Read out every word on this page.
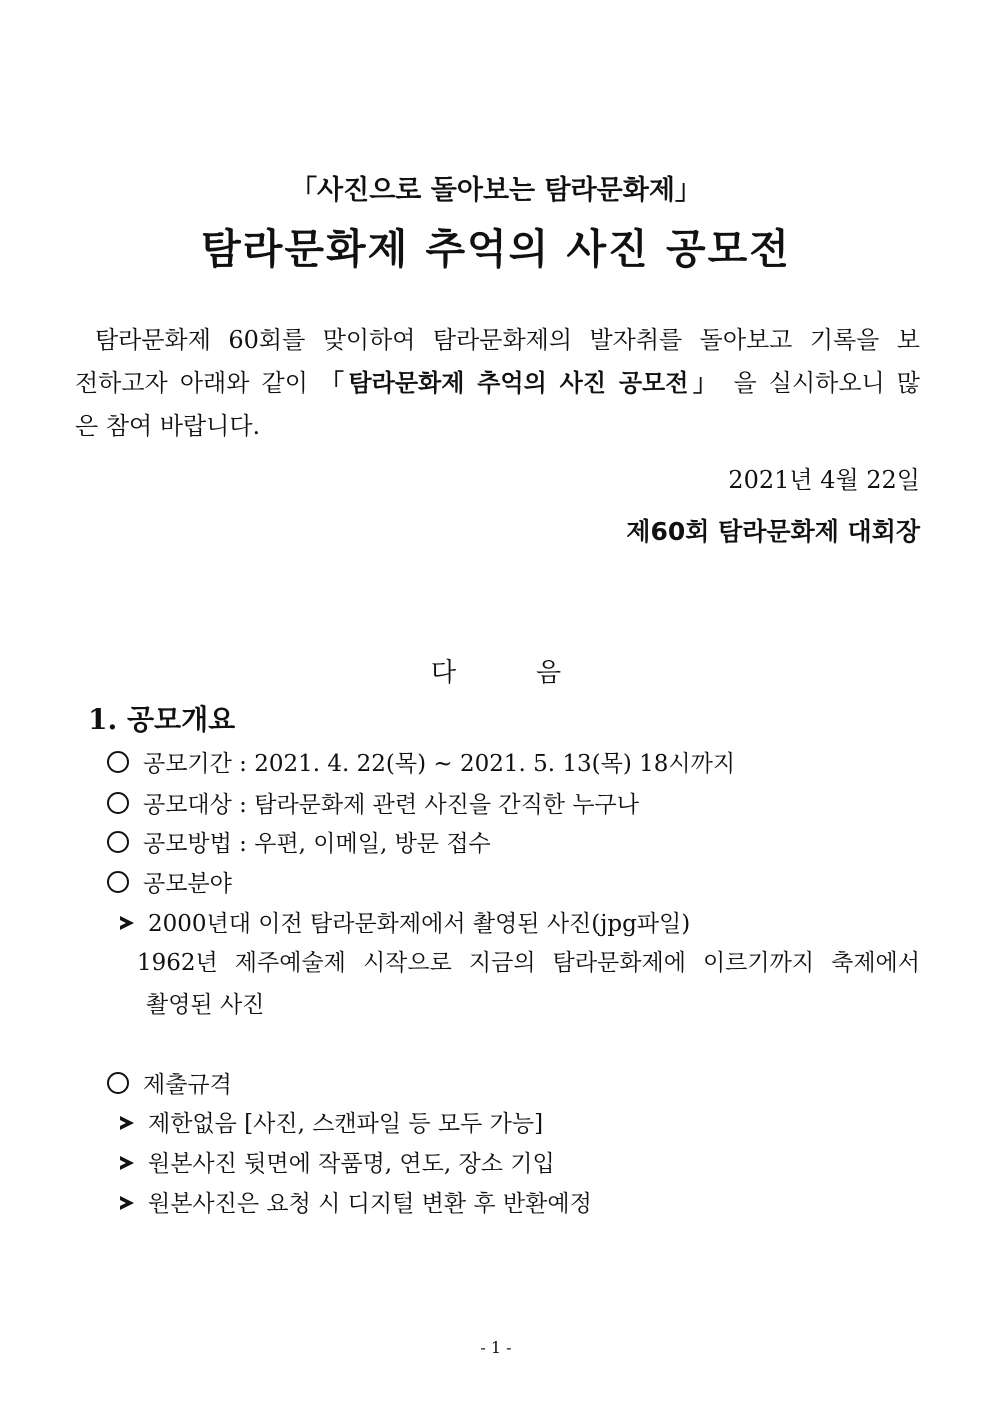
「사진으로 돌아보는 탐라문화제」

탐라문화제 추억의 사진 공모전

탐라문화제 60회를 맞이하여 탐라문화제의 발자취를 돌아보고 기록을 보

전하고자 아래와 같이 「탐라문화제 추억의 사진 공모전」 을 실시하오니 많

은 참여 바랍니다.

2021년 4월 22일

제60회 탐라문화제 대회장

다	음

1. 공모개요

공모기간 : 2021. 4. 22(목) ~ 2021. 5. 13(목) 18시까지

공모대상 : 탐라문화제 관련 사진을 간직한 누구나

공모방법 : 우편, 이메일, 방문 접수

공모분야

2000년대 이전 탐라문화제에서 촬영된 사진(jpg파일)

1962년 제주예술제 시작으로 지금의 탐라문화제에 이르기까지 축제에서

촬영된 사진

제출규격

제한없음 [사진, 스캔파일 등 모두 가능]

원본사진 뒷면에 작품명, 연도, 장소 기입

원본사진은 요청 시 디지털 변환 후 반환예정

- 1 -
